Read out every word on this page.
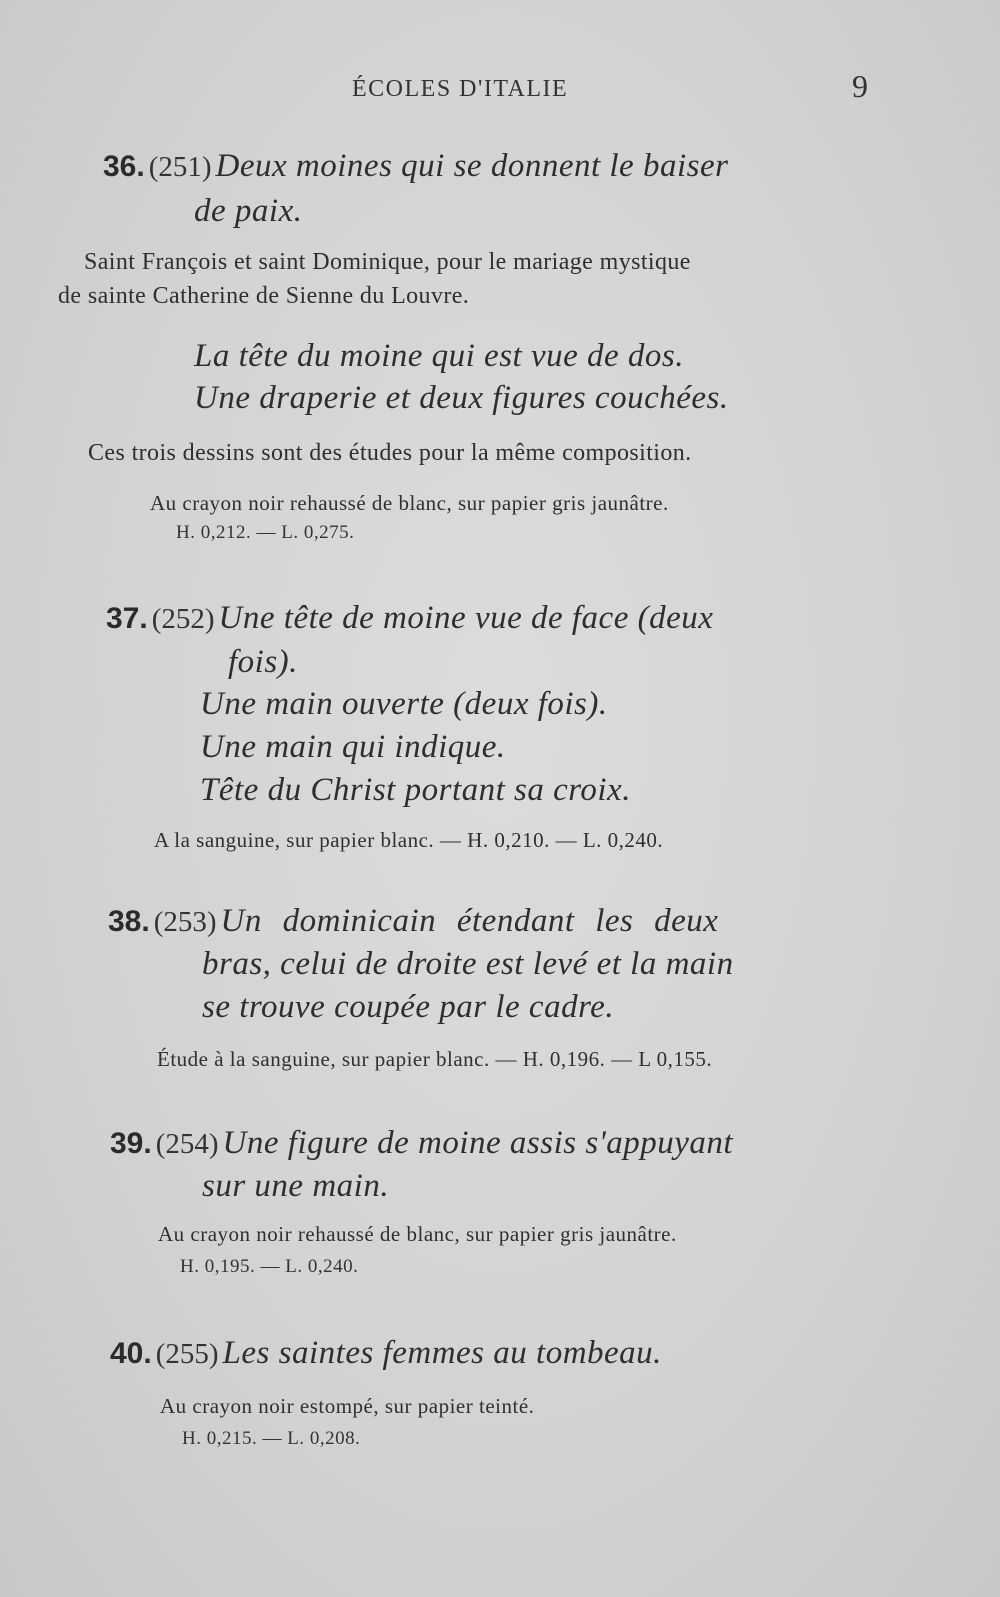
ÉCOLES D'ITALIE	9
36. (251) Deux moines qui se donnent le baiser
de paix.
Saint François et saint Dominique, pour le mariage mystique
de sainte Catherine de Sienne du Louvre.
La tête du moine qui est vue de dos.
Une draperie et deux figures couchées.
Ces trois dessins sont des études pour la même composition.
Au crayon noir rehaussé de blanc, sur papier gris jaunâtre.
H. 0,212. — L. 0,275.
37. (252) Une tête de moine vue de face (deux
fois).
Une main ouverte (deux fois).
Une main qui indique.
Tête du Christ portant sa croix.
A la sanguine, sur papier blanc. — H. 0,210. — L. 0,240.
38. (253) Un dominicain étendant les deux
bras, celui de droite est levé et la main
se trouve coupée par le cadre.
Étude à la sanguine, sur papier blanc. — H. 0,196. — L 0,155.
39. (254) Une figure de moine assis s'appuyant
sur une main.
Au crayon noir rehaussé de blanc, sur papier gris jaunâtre.
H. 0,195. — L. 0,240.
40. (255) Les saintes femmes au tombeau.
Au crayon noir estompé, sur papier teinté.
H. 0,215. — L. 0,208.
